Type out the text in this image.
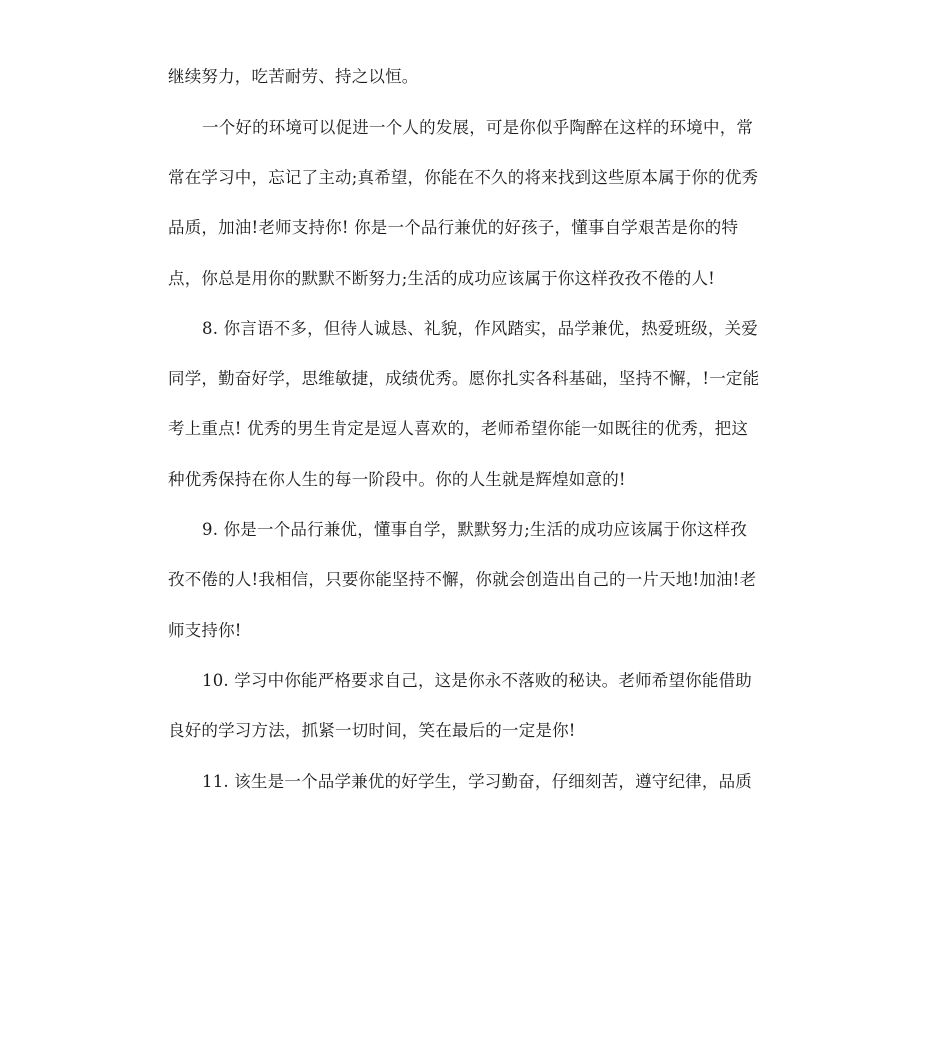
继续努力，吃苦耐劳、持之以恒。

一个好的环境可以促进一个人的发展，可是你似乎陶醉在这样的环境中，常

常在学习中，忘记了主动;真希望，你能在不久的将来找到这些原本属于你的优秀

品质，加油!老师支持你! 你是一个品行兼优的好孩子，懂事自学艰苦是你的特

点，你总是用你的默默不断努力;生活的成功应该属于你这样孜孜不倦的人!

8. 你言语不多，但待人诚恳、礼貌，作风踏实，品学兼优，热爱班级，关爱

同学，勤奋好学，思维敏捷，成绩优秀。愿你扎实各科基础，坚持不懈，!一定能

考上重点! 优秀的男生肯定是逗人喜欢的，老师希望你能一如既往的优秀，把这

种优秀保持在你人生的每一阶段中。你的人生就是辉煌如意的!

9. 你是一个品行兼优，懂事自学，默默努力;生活的成功应该属于你这样孜

孜不倦的人!我相信，只要你能坚持不懈，你就会创造出自己的一片天地!加油!老

师支持你!

10. 学习中你能严格要求自己，这是你永不落败的秘诀。老师希望你能借助

良好的学习方法，抓紧一切时间，笑在最后的一定是你!

11. 该生是一个品学兼优的好学生，学习勤奋，仔细刻苦，遵守纪律，品质
